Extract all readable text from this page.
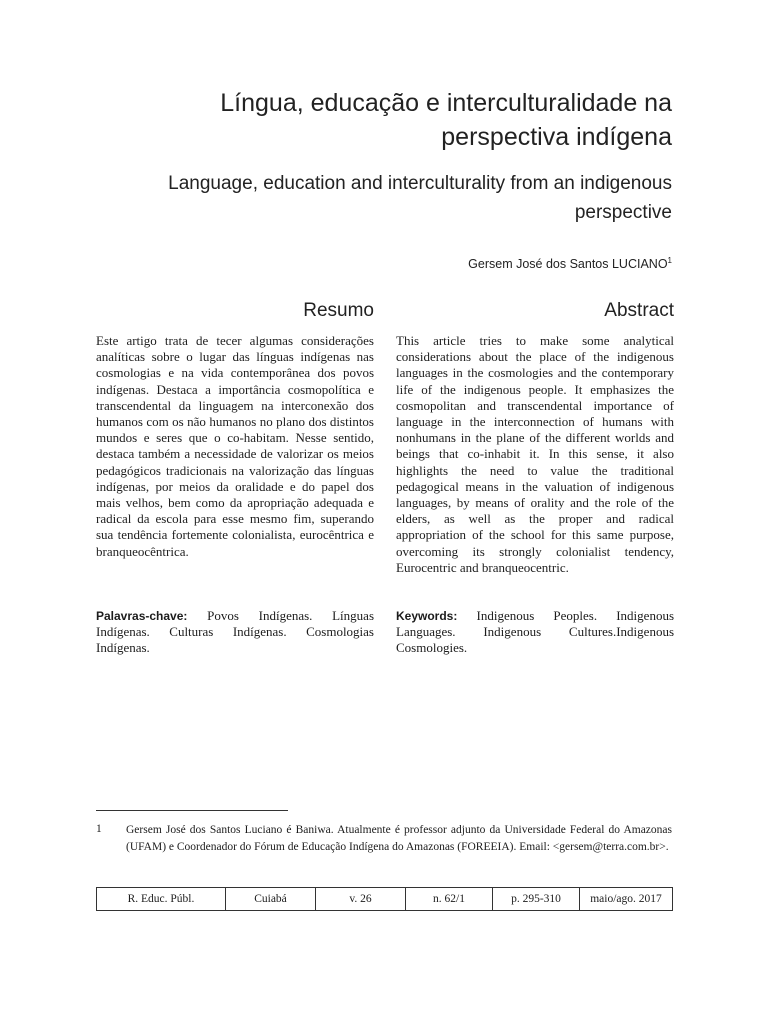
Língua, educação e interculturalidade na perspectiva indígena
Language, education and interculturality from an indigenous perspective
Gersem José dos Santos LUCIANO$^1$
Resumo	Abstract

Este artigo trata de tecer algumas considerações analíticas sobre o lugar das línguas indígenas nas cosmologias e na vida contemporânea dos povos indígenas. Destaca a importância cosmopolítica e transcendental da linguagem na interconexão dos humanos com os não humanos no plano dos distintos mundos e seres que o co-habitam. Nesse sentido, destaca também a necessidade de valorizar os meios pedagógicos tradicionais na valorização das línguas indígenas, por meios da oralidade e do papel dos mais velhos, bem como da apropriação adequada e radical da escola para esse mesmo fim, superando sua tendência fortemente colonialista, eurocêntrica e branqueocêntrica.

This article tries to make some analytical considerations about the place of the indigenous languages in the cosmologies and the contemporary life of the indigenous people. It emphasizes the cosmopolitan and transcendental importance of language in the interconnection of humans with nonhumans in the plane of the different worlds and beings that co-inhabit it. In this sense, it also highlights the need to value the traditional pedagogical means in the valuation of indigenous languages, by means of orality and the role of the elders, as well as the proper and radical appropriation of the school for this same purpose, overcoming its strongly colonialist tendency, Eurocentric and branqueocentric.

Palavras-chave: Povos Indígenas. Línguas Indígenas. Culturas Indígenas. Cosmologias Indígenas.

Keywords: Indigenous Peoples. Indigenous Languages. Indigenous Cultures.Indigenous Cosmologies.

1 Gersem José dos Santos Luciano é Baniwa. Atualmente é professor adjunto da Universidade Federal do Amazonas (UFAM) e Coordenador do Fórum de Educação Indígena do Amazonas (FOREEIA). Email: <gersem@terra.com.br>.

R. Educ. Públ.	Cuiabá	v. 26	n. 62/1	p. 295-310	maio/ago. 2017
